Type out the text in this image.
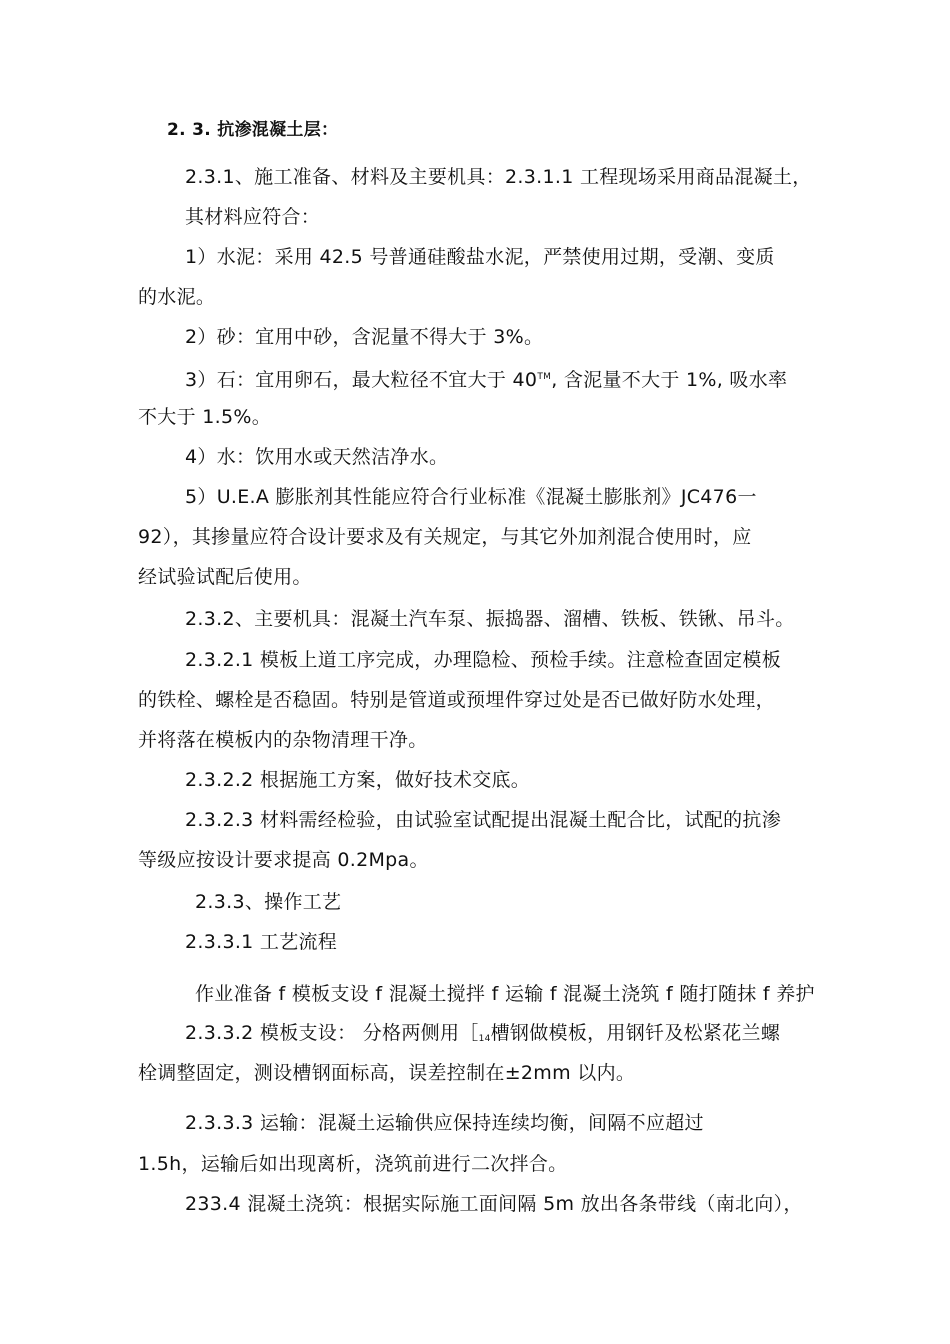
2. 3. 抗渗混凝土层：
2.3.1、施工准备、材料及主要机具：2.3.1.1 工程现场采用商品混凝土，
其材料应符合：
1）水泥：采用 42.5 号普通硅酸盐水泥，严禁使用过期，受潮、变质
的水泥。
2）砂：宜用中砂，含泥量不得大于 3%。
3）石：宜用卵石，最大粒径不宜大于 40™, 含泥量不大于 1%, 吸水率
不大于 1.5%。
4）水：饮用水或天然洁净水。
5）U.E.A 膨胀剂其性能应符合行业标准《混凝土膨胀剂》JC476一
92），其掺量应符合设计要求及有关规定，与其它外加剂混合使用时，应
经试验试配后使用。
2.3.2、主要机具：混凝土汽车泵、振捣器、溜槽、铁板、铁锹、吊斗。
2.3.2.1 模板上道工序完成，办理隐检、预检手续。注意检查固定模板
的铁栓、螺栓是否稳固。特别是管道或预埋件穿过处是否已做好防水处理，
并将落在模板内的杂物清理干净。
2.3.2.2 根据施工方案，做好技术交底。
2.3.2.3 材料需经检验，由试验室试配提出混凝土配合比，试配的抗渗
等级应按设计要求提高 0.2Mpa。
2.3.3、操作工艺
2.3.3.1 工艺流程
作业准备 f 模板支设 f 混凝土搅拌 f 运输 f 混凝土浇筑 f 随打随抹 f 养护
2.3.3.2 模板支设： 分格两侧用$[_{14}$槽钢做模板，用钢钎及松紧花兰螺
栓调整固定，测设槽钢面标高，误差控制在±2mm 以内。
2.3.3.3 运输：混凝土运输供应保持连续均衡，间隔不应超过
1.5h，运输后如出现离析，浇筑前进行二次拌合。
233.4 混凝土浇筑：根据实际施工面间隔 5m 放出各条带线（南北向），
